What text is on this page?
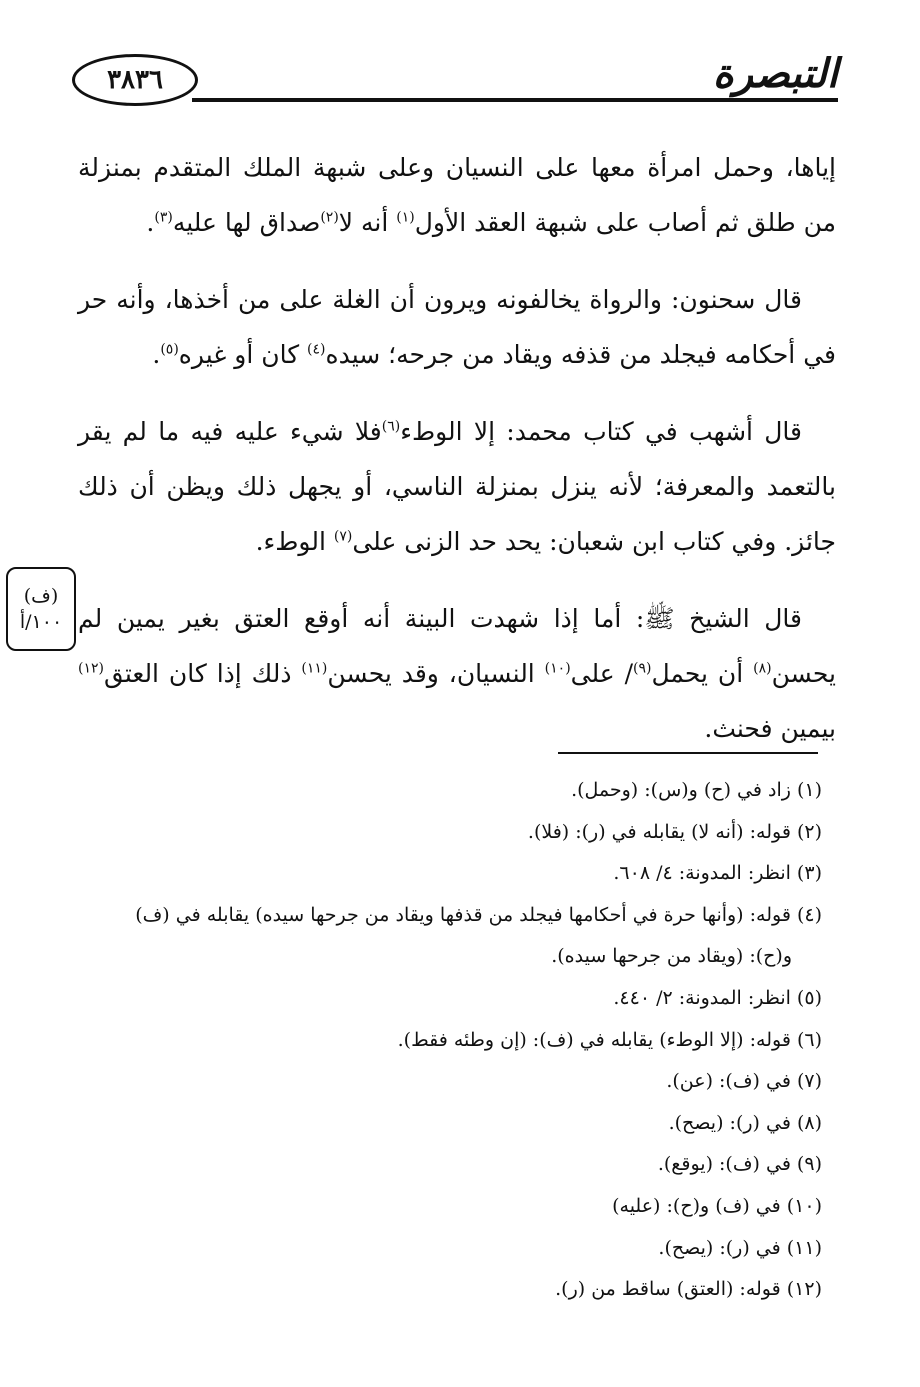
٣٨٣٦	التبصرة

إياها، وحمل امرأة معها على النسيان وعلى شبهة الملك المتقدم بمنزلة من طلق ثم أصاب على شبهة العقد الأول$^{(١)}$ أنه لا$^{(٢)}$صداق لها عليه$^{(٣)}$.

قال سحنون: والرواة يخالفونه ويرون أن الغلة على من أخذها، وأنه حر في أحكامه فيجلد من قذفه ويقاد من جرحه؛ سيده$^{(٤)}$ كان أو غيره$^{(٥)}$.

قال أشهب في كتاب محمد: إلا الوطء$^{(٦)}$فلا شيء عليه فيه ما لم يقر بالتعمد والمعرفة؛ لأنه ينزل بمنزلة الناسي، أو يجهل ذلك ويظن أن ذلك جائز. وفي كتاب ابن شعبان: يحد حد الزنى على$^{(٧)}$ الوطء.

قال الشيخ ﷺ: أما إذا شهدت البينة أنه أوقع العتق بغير يمين لم يحسن$^{(٨)}$ أن يحمل$^{(٩)}$/ على$^{(١٠)}$ النسيان، وقد يحسن$^{(١١)}$ ذلك إذا كان العتق$^{(١٢)}$ بيمين فحنث.

(ف)
١٠٠/أ
(١) زاد في (ح) و(س): (وحمل).
(٢) قوله: (أنه لا) يقابله في (ر): (فلا).
(٣) انظر: المدونة: ٤/ ٦٠٨.
(٤) قوله: (وأنها حرة في أحكامها فيجلد من قذفها ويقاد من جرحها سيده) يقابله في (ف)
و(ح): (ويقاد من جرحها سيده).
(٥) انظر: المدونة: ٢/ ٤٤٠.
(٦) قوله: (إلا الوطء) يقابله في (ف): (إن وطئه فقط).
(٧) في (ف): (عن).
(٨) في (ر): (يصح).
(٩) في (ف): (يوقع).
(١٠) في (ف) و(ح): (عليه)
(١١) في (ر): (يصح).
(١٢) قوله: (العتق) ساقط من (ر).
